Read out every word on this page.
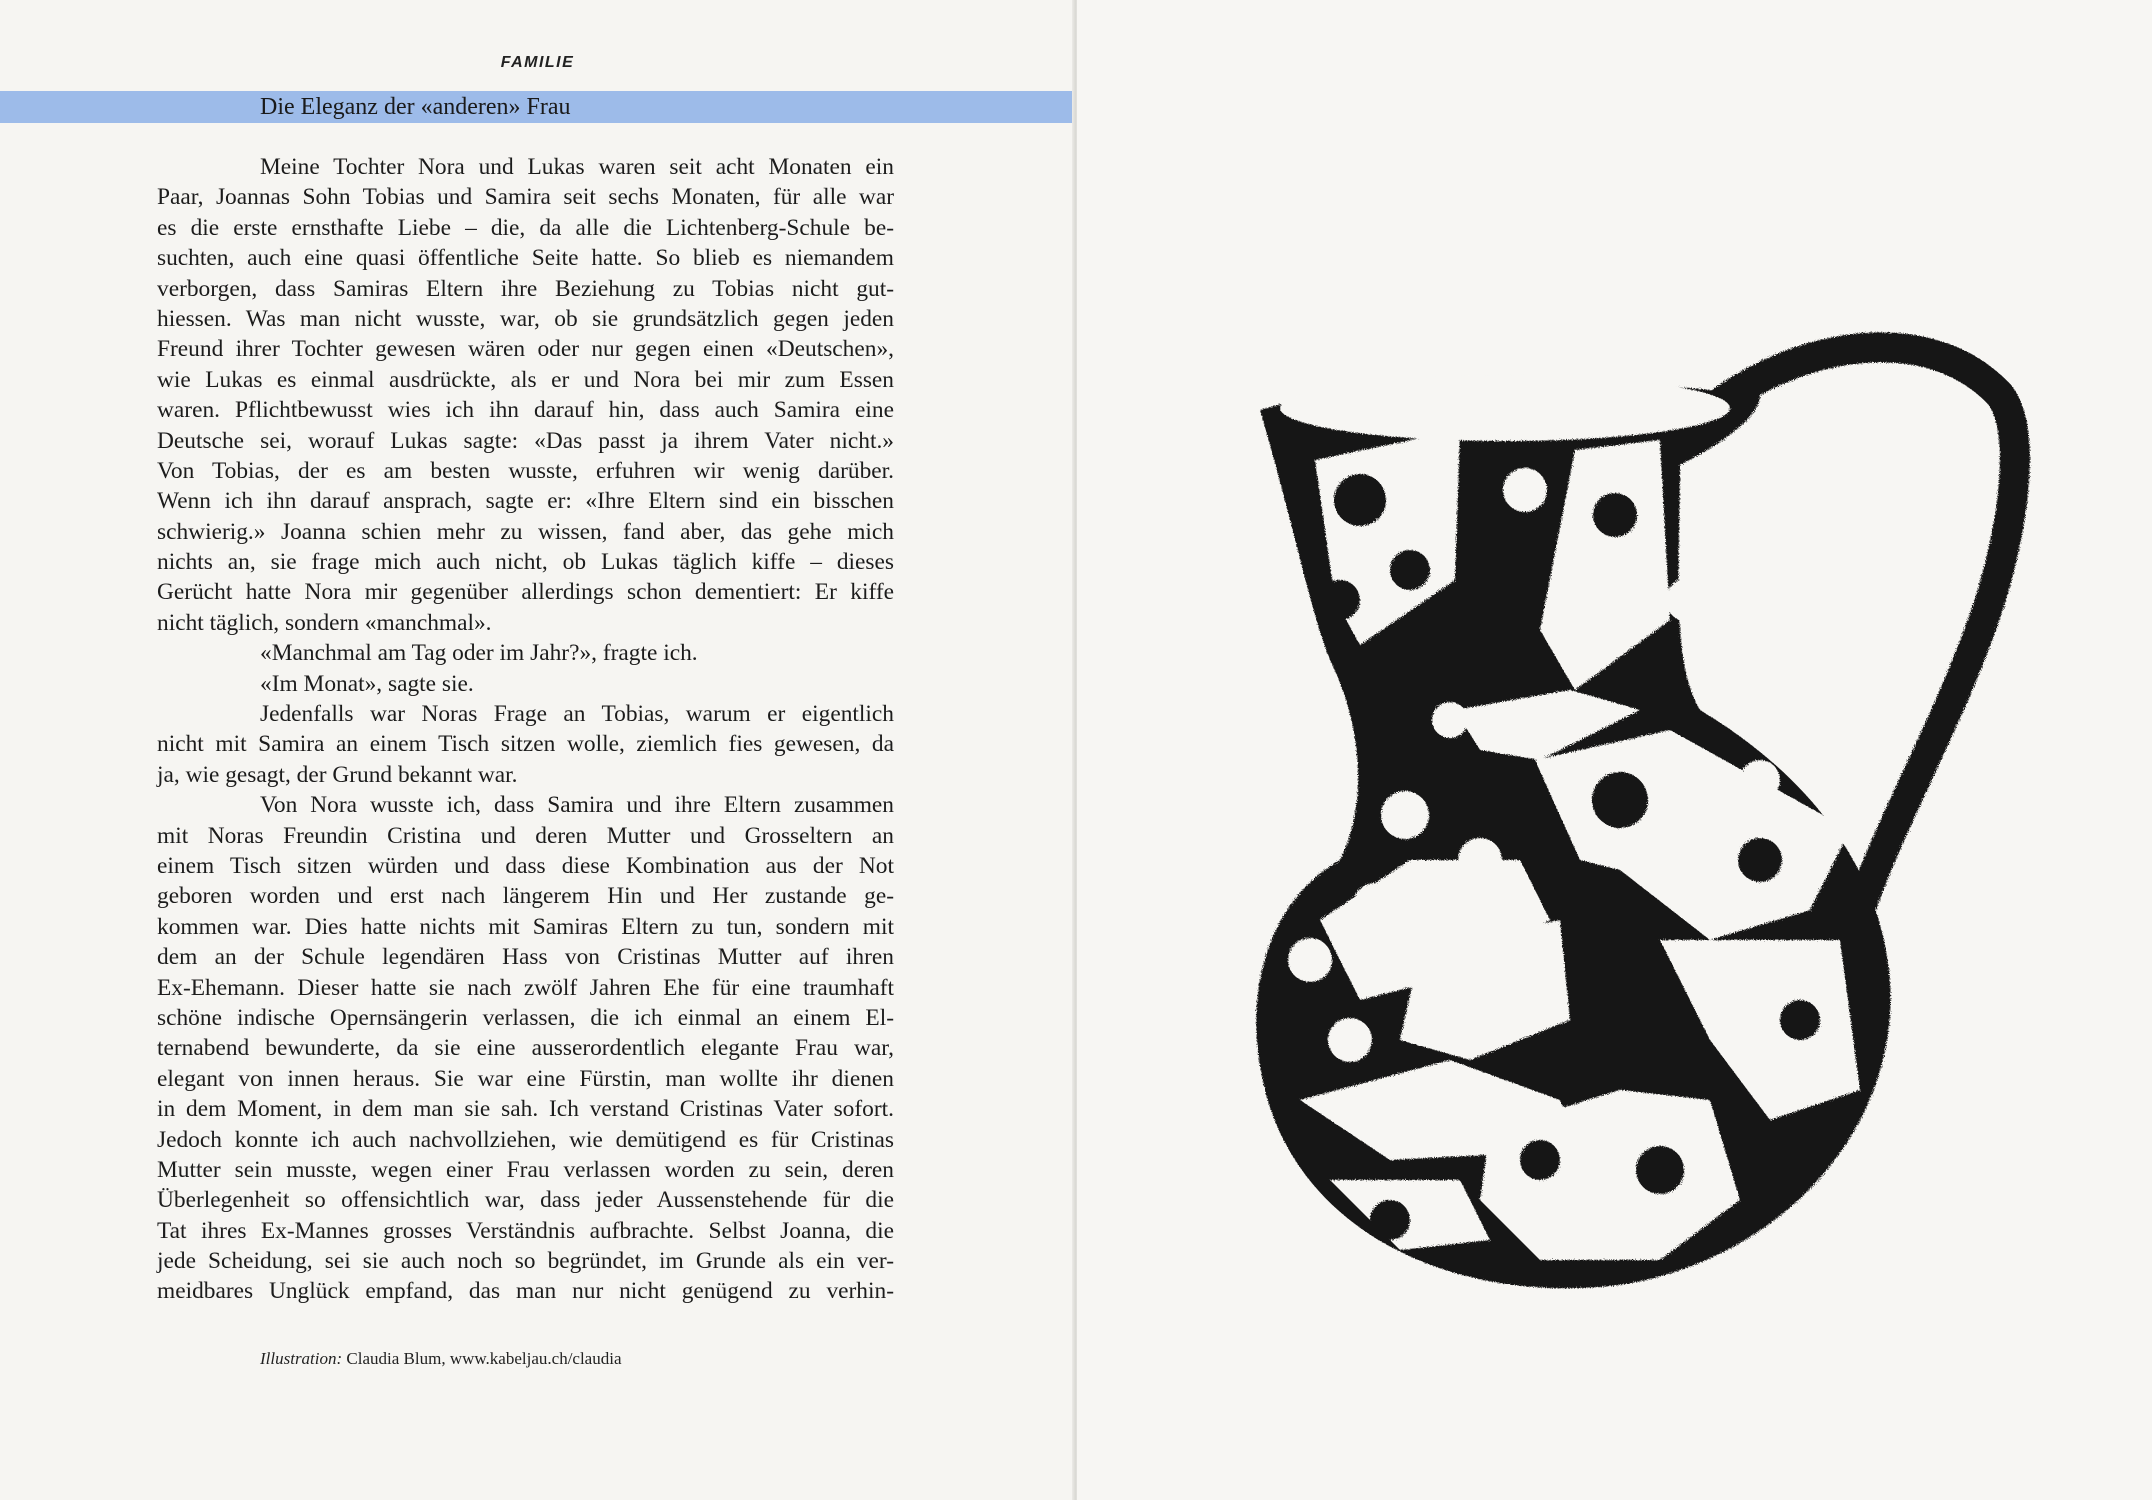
FAMILIE
Die Eleganz der «anderen» Frau
Meine Tochter Nora und Lukas waren seit acht Monaten ein
Paar, Joannas Sohn Tobias und Samira seit sechs Monaten, für alle war
es die erste ernsthafte Liebe – die, da alle die Lichtenberg-Schule be-
suchten, auch eine quasi öffentliche Seite hatte. So blieb es niemandem
verborgen, dass Samiras Eltern ihre Beziehung zu Tobias nicht gut-
hiessen. Was man nicht wusste, war, ob sie grundsätzlich gegen jeden
Freund ihrer Tochter gewesen wären oder nur gegen einen «Deutschen»,
wie Lukas es einmal ausdrückte, als er und Nora bei mir zum Essen
waren. Pflichtbewusst wies ich ihn darauf hin, dass auch Samira eine
Deutsche sei, worauf Lukas sagte: «Das passt ja ihrem Vater nicht.»
Von Tobias, der es am besten wusste, erfuhren wir wenig darüber.
Wenn ich ihn darauf ansprach, sagte er: «Ihre Eltern sind ein bisschen
schwierig.» Joanna schien mehr zu wissen, fand aber, das gehe mich
nichts an, sie frage mich auch nicht, ob Lukas täglich kiffe – dieses
Gerücht hatte Nora mir gegenüber allerdings schon dementiert: Er kiffe
nicht täglich, sondern «manchmal».
«Manchmal am Tag oder im Jahr?», fragte ich.
«Im Monat», sagte sie.
Jedenfalls war Noras Frage an Tobias, warum er eigentlich
nicht mit Samira an einem Tisch sitzen wolle, ziemlich fies gewesen, da
ja, wie gesagt, der Grund bekannt war.
Von Nora wusste ich, dass Samira und ihre Eltern zusammen
mit Noras Freundin Cristina und deren Mutter und Grosseltern an
einem Tisch sitzen würden und dass diese Kombination aus der Not
geboren worden und erst nach längerem Hin und Her zustande ge-
kommen war. Dies hatte nichts mit Samiras Eltern zu tun, sondern mit
dem an der Schule legendären Hass von Cristinas Mutter auf ihren
Ex-Ehemann. Dieser hatte sie nach zwölf Jahren Ehe für eine traumhaft
schöne indische Opernsängerin verlassen, die ich einmal an einem El-
ternabend bewunderte, da sie eine ausserordentlich elegante Frau war,
elegant von innen heraus. Sie war eine Fürstin, man wollte ihr dienen
in dem Moment, in dem man sie sah. Ich verstand Cristinas Vater sofort.
Jedoch konnte ich auch nachvollziehen, wie demütigend es für Cristinas
Mutter sein musste, wegen einer Frau verlassen worden zu sein, deren
Überlegenheit so offensichtlich war, dass jeder Aussenstehende für die
Tat ihres Ex-Mannes grosses Verständnis aufbrachte. Selbst Joanna, die
jede Scheidung, sei sie auch noch so begründet, im Grunde als ein ver-
meidbares Unglück empfand, das man nur nicht genügend zu verhin-
Illustration: Claudia Blum, www.kabeljau.ch/claudia
